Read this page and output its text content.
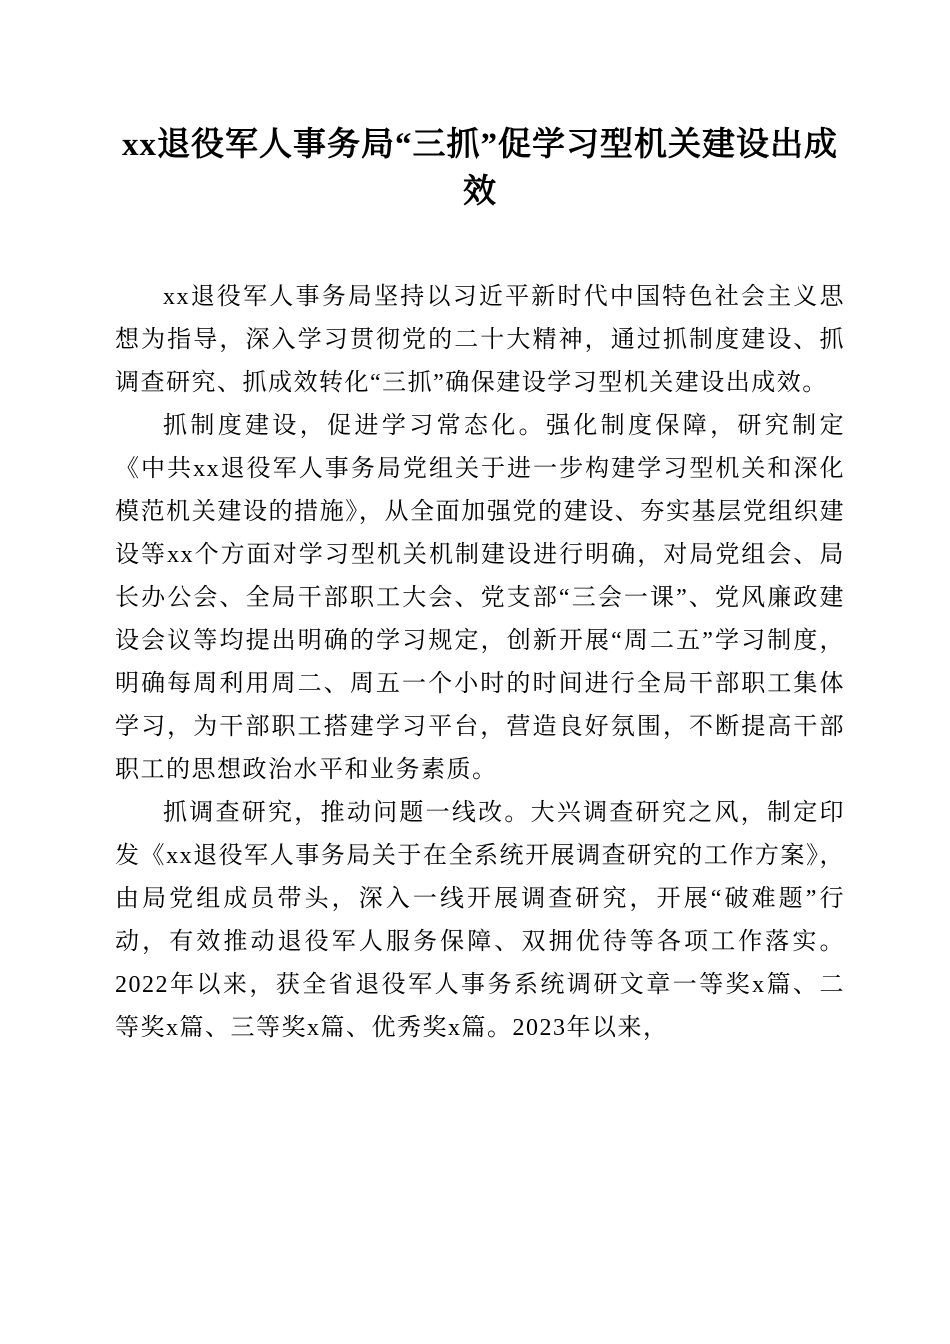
xx退役军人事务局“三抓”促学习型机关建设出成效

xx退役军人事务局坚持以习近平新时代中国特色社会主义思想为指导，深入学习贯彻党的二十大精神，通过抓制度建设、抓调查研究、抓成效转化“三抓”确保建设学习型机关建设出成效。

抓制度建设，促进学习常态化。强化制度保障，研究制定《中共xx退役军人事务局党组关于进一步构建学习型机关和深化模范机关建设的措施》，从全面加强党的建设、夯实基层党组织建设等xx个方面对学习型机关机制建设进行明确，对局党组会、局长办公会、全局干部职工大会、党支部“三会一课”、党风廉政建设会议等均提出明确的学习规定，创新开展“周二五”学习制度，明确每周利用周二、周五一个小时的时间进行全局干部职工集体学习，为干部职工搭建学习平台，营造良好氛围，不断提高干部职工的思想政治水平和业务素质。

抓调查研究，推动问题一线改。大兴调查研究之风，制定印发《xx退役军人事务局关于在全系统开展调查研究的工作方案》，由局党组成员带头，深入一线开展调查研究，开展“破难题”行动，有效推动退役军人服务保障、双拥优待等各项工作落实。2022年以来，获全省退役军人事务系统调研文章一等奖x篇、二等奖x篇、三等奖x篇、优秀奖x篇。2023年以来，
